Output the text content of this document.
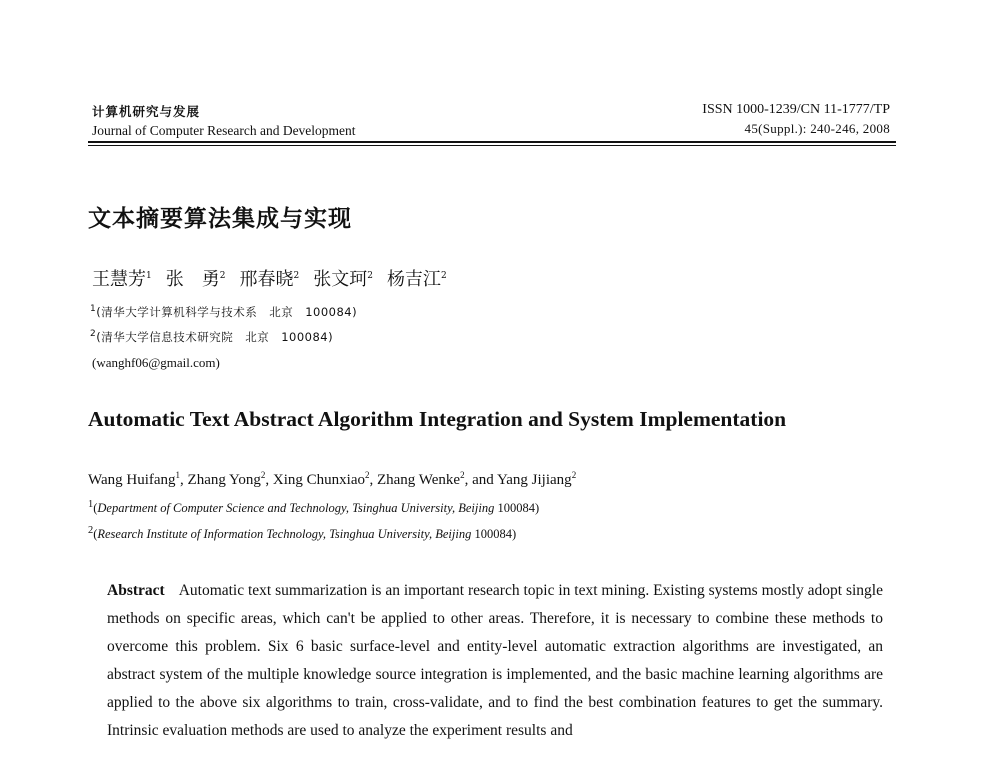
计算机研究与发展
Journal of Computer Research and Development
ISSN 1000-1239/CN 11-1777/TP
45(Suppl.): 240-246, 2008
文本摘要算法集成与实现
王慧芳$^1$ 张　勇$^2$ 邢春晓$^2$ 张文珂$^2$ 杨吉江$^2$
$^1$(清华大学计算机科学与技术系　北京　100084)
$^2$(清华大学信息技术研究院　北京　100084)
(wanghf06@gmail.com)
Automatic Text Abstract Algorithm Integration and System Implementation
Wang Huifang$^1$, Zhang Yong$^2$, Xing Chunxiao$^2$, Zhang Wenke$^2$, and Yang Jijiang$^2$
$^1$(Department of Computer Science and Technology, Tsinghua University, Beijing 100084)
$^2$(Research Institute of Information Technology, Tsinghua University, Beijing 100084)
Abstract Automatic text summarization is an important research topic in text mining. Existing systems mostly adopt single methods on specific areas, which can't be applied to other areas. Therefore, it is necessary to combine these methods to overcome this problem. Six 6 basic surface-level and entity-level automatic extraction algorithms are investigated, an abstract system of the multiple knowledge source integration is implemented, and the basic machine learning algorithms are applied to the above six algorithms to train, cross-validate, and to find the best combination features to get the summary. Intrinsic evaluation methods are used to analyze the experiment results and
